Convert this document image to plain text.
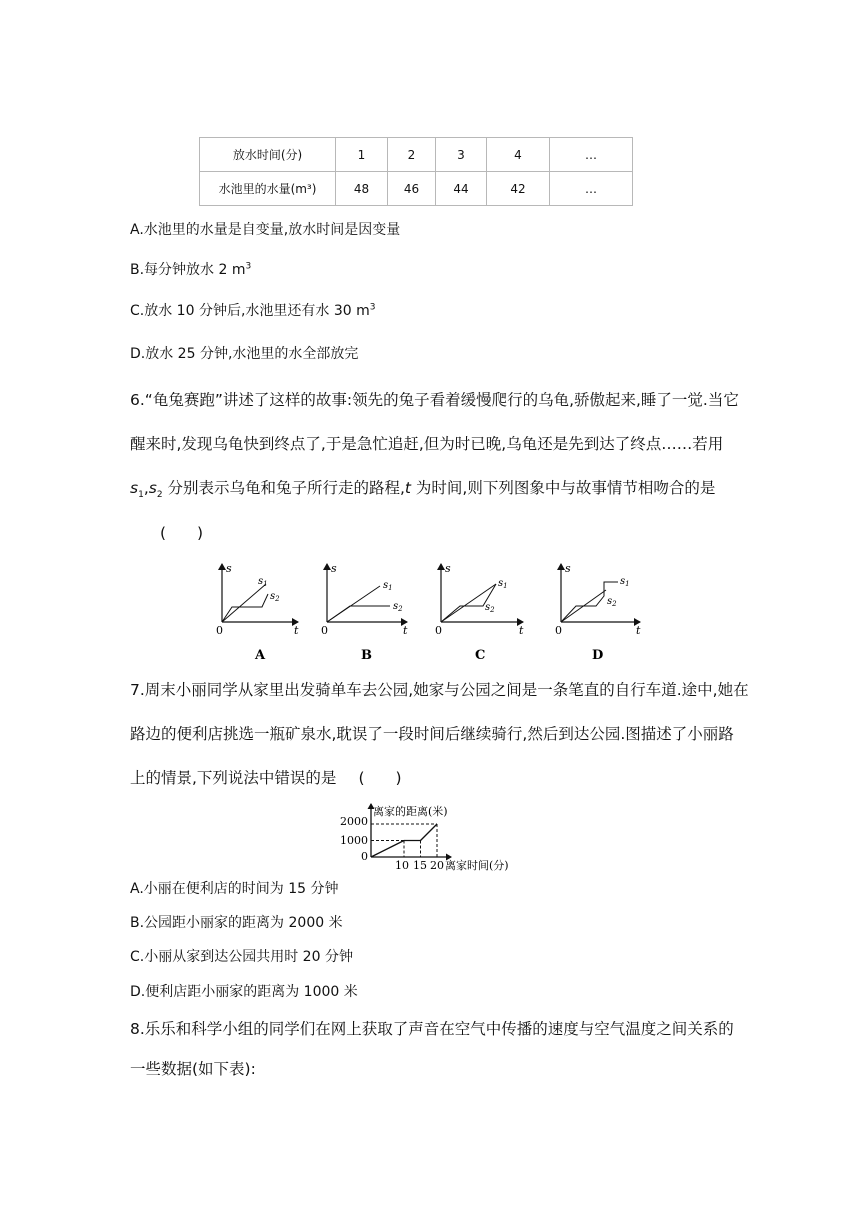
放水时间(分)	1	2	3	4	…
水池里的水量(m³)	48	46	44	42	…
A.水池里的水量是自变量,放水时间是因变量
B.每分钟放水 2 $m^3$
C.放水 10 分钟后,水池里还有水 30 $m^3$
D.放水 25 分钟,水池里的水全部放完
6.“龟兔赛跑”讲述了这样的故事:领先的兔子看着缓慢爬行的乌龟,骄傲起来,睡了一觉.当它
醒来时,发现乌龟快到终点了,于是急忙追赶,但为时已晚,乌龟还是先到达了终点……若用
$s_1,s_2$ 分别表示乌龟和兔子所行走的路程,t 为时间,则下列图象中与故事情节相吻合的是
(　　)
s
t
0
$s_1$
$s_2$
A
s
t
0
$s_1$
$s_2$
B
s
t
0
$s_1$
$s_2$
C
s
t
0
$s_1$
$s_2$
D
7.周末小丽同学从家里出发骑单车去公园,她家与公园之间是一条笔直的自行车道.途中,她在
路边的便利店挑选一瓶矿泉水,耽误了一段时间后继续骑行,然后到达公园.图描述了小丽路
上的情景,下列说法中错误的是 (　　)
离家的距离(米)
离家时间(分)
2000
1000
0
10 15 20
A.小丽在便利店的时间为 15 分钟
B.公园距小丽家的距离为 2000 米
C.小丽从家到达公园共用时 20 分钟
D.便利店距小丽家的距离为 1000 米
8.乐乐和科学小组的同学们在网上获取了声音在空气中传播的速度与空气温度之间关系的
一些数据(如下表):
